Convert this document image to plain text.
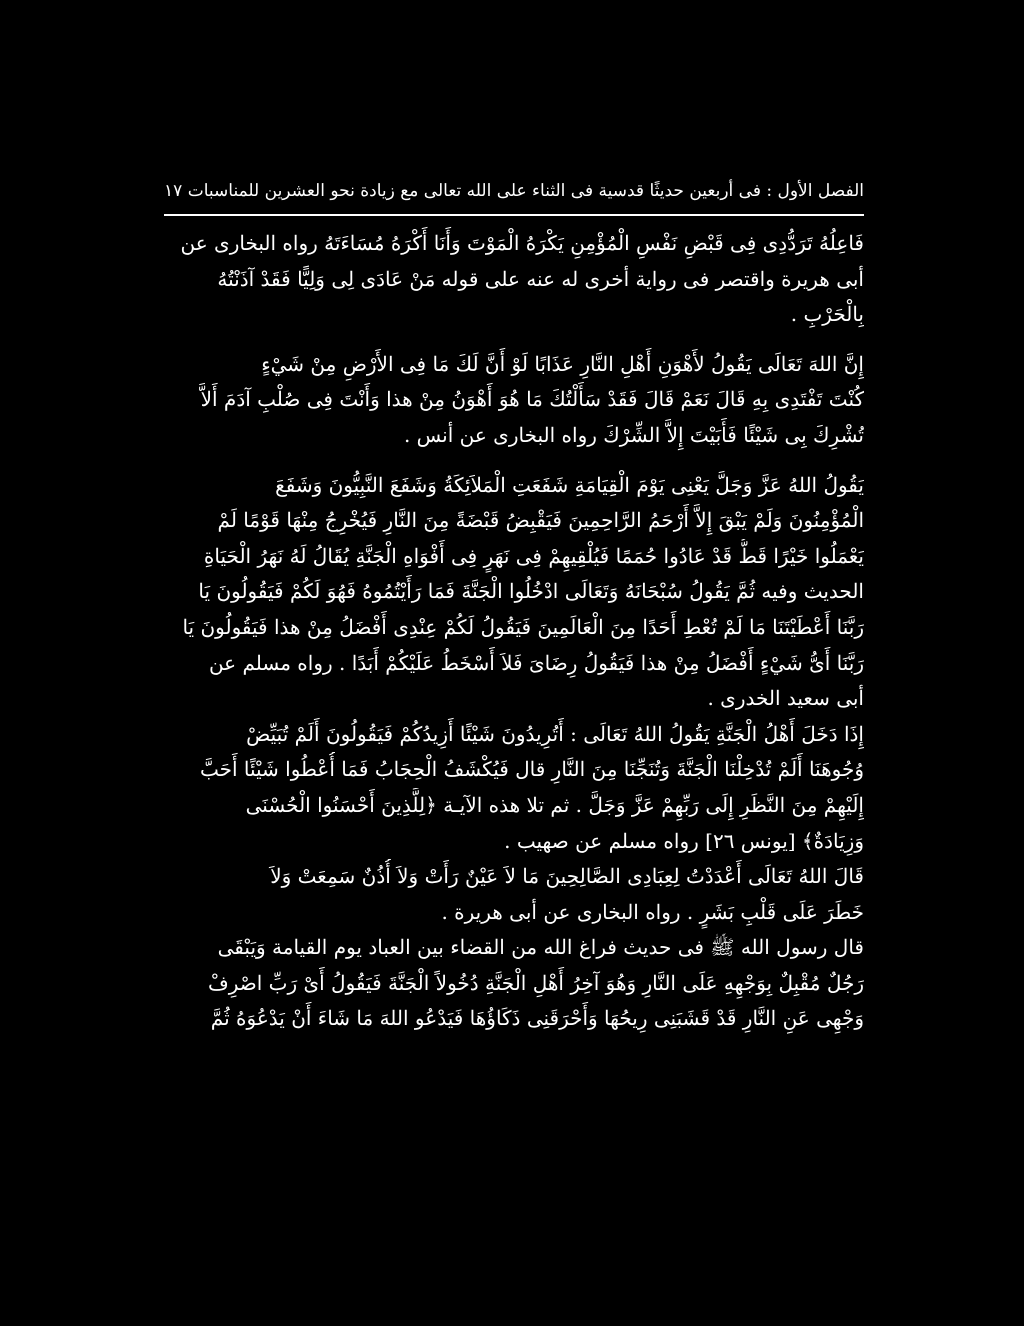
الفصل الأول : فى أربعين حديثًا قدسية فى الثناء على الله تعالى مع زيادة نحو العشرين للمناسبات
١٧
فَاعِلُهُ تَرَدُّدِى فِى قَبْضِ نَفْسِ الْمُؤْمِنِ يَكْرَهُ الْمَوْتَ وَأَنَا أَكْرَهُ مُسَاءَتَهُ رواه البخارى عن
أبى هريرة واقتصر فى رواية أخرى له عنه على قوله مَنْ عَادَى لِى وَلِيًّا فَقَدْ آذَنْتُهُ
بِالْحَرْبِ .
إِنَّ اللهَ تَعَالَى يَقُولُ لأَهْوَنِ أَهْلِ النَّارِ عَذَابًا لَوْ أَنَّ لَكَ مَا فِى الأَرْضِ مِنْ شَيْءٍ
كُنْتَ تَفْتَدِى بِهِ قَالَ نَعَمْ قَالَ فَقَدْ سَأَلْتُكَ مَا هُوَ أَهْوَنُ مِنْ هذا وَأَنْتَ فِى صُلْبِ آدَمَ أَلاَّ
تُشْرِكَ بِى شَيْئًا فَأَبَيْتَ إِلاَّ الشِّرْكَ رواه البخارى عن أنس .
يَقُولُ اللهُ عَزَّ وَجَلَّ يَعْنِى يَوْمَ الْقِيَامَةِ شَفَعَتِ الْمَلاَئِكَةُ وَشَفَعَ النَّبِيُّونَ وَشَفَعَ
الْمُؤْمِنُونَ وَلَمْ يَبْقَ إِلاَّ أَرْحَمُ الرَّاحِمِينَ فَيَقْبِضُ قَبْضَةً مِنَ النَّارِ فَيُخْرِجُ مِنْهَا قَوْمًا لَمْ
يَعْمَلُوا خَيْرًا قَطُّ قَدْ عَادُوا حُمَمًا فَيُلْقِيهِمْ فِى نَهَرٍ فِى أَفْوَاهِ الْجَنَّةِ يُقَالُ لَهُ نَهَرُ الْحَيَاةِ
الحديث وفيه ثُمَّ يَقُولُ سُبْحَانَهُ وَتَعَالَى ادْخُلُوا الْجَنَّةَ فَمَا رَأَيْتُمُوهُ فَهُوَ لَكُمْ فَيَقُولُونَ يَا
رَبَّنَا أَعْطَيْتَنَا مَا لَمْ تُعْطِ أَحَدًا مِنَ الْعَالَمِينَ فَيَقُولُ لَكُمْ عِنْدِى أَفْضَلُ مِنْ هذا فَيَقُولُونَ يَا
رَبَّنَا أَىُّ شَيْءٍ أَفْضَلُ مِنْ هذا فَيَقُولُ رِضَاىَ فَلاَ أَسْخَطُ عَلَيْكُمْ أَبَدًا . رواه مسلم عن
أبى سعيد الخدرى .
إِذَا دَخَلَ أَهْلُ الْجَنَّةِ يَقُولُ اللهُ تَعَالَى : أَتُرِيدُونَ شَيْئًا أَزِيدُكُمْ فَيَقُولُونَ أَلَمْ تُبَيِّضْ
وُجُوهَنَا أَلَمْ تُدْخِلْنَا الْجَنَّةَ وَتُنَجِّنَا مِنَ النَّارِ قال فَيُكْشَفُ الْحِجَابُ فَمَا أُعْطُوا شَيْئًا أَحَبَّ
إِلَيْهِمْ مِنَ النَّظَرِ إِلَى رَبِّهِمْ عَزَّ وَجَلَّ . ثم تلا هذه الآيـة ﴿لِلَّذِينَ أَحْسَنُوا الْحُسْنَى
وَزِيَادَةٌ﴾ [يونس ٢٦] رواه مسلم عن صهيب .
قَالَ اللهُ تَعَالَى أَعْدَدْتُ لِعِبَادِى الصَّالِحِينَ مَا لاَ عَيْنٌ رَأَتْ وَلاَ أُذُنٌ سَمِعَتْ وَلاَ
خَطَرَ عَلَى قَلْبِ بَشَرٍ . رواه البخارى عن أبى هريرة .
قال رسول الله ﷺ فى حديث فراغ الله من القضاء بين العباد يوم القيامة وَيَبْقَى
رَجُلٌ مُقْبِلٌ بِوَجْهِهِ عَلَى النَّارِ وَهُوَ آخِرُ أَهْلِ الْجَنَّةِ دُخُولاً الْجَنَّةَ فَيَقُولُ أَىْ رَبِّ اصْرِفْ
وَجْهِى عَنِ النَّارِ قَدْ قَشَبَنِى رِيحُهَا وَأَحْرَقَنِى ذَكَاؤُهَا فَيَدْعُو اللهَ مَا شَاءَ أَنْ يَدْعُوَهُ ثُمَّ
